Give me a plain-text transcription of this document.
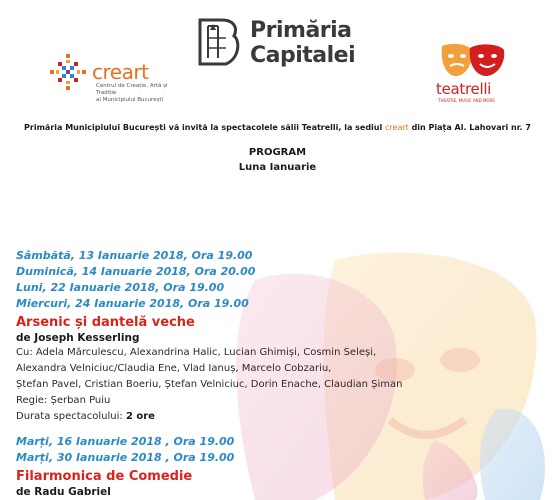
creart
Centrul de Creație, Artă și Tradiție
al Municipiului București
Primăria
Capitalei
teatrelli
THEATRE, MUSIC AND MORE
Primăria Municipiului București vă invită la spectacolele sălii Teatrelli, la sediul creart din Piața Al. Lahovari nr. 7
PROGRAM
Luna Ianuarie
Sâmbătă, 13 Ianuarie 2018, Ora 19.00
Duminică, 14 Ianuarie 2018, Ora 20.00
Luni, 22 Ianuarie 2018, Ora 19.00
Miercuri, 24 Ianuarie 2018, Ora 19.00
Arsenic și dantelă veche
de Joseph Kesserling
Cu: Adela Mărculescu, Alexandrina Halic, Lucian Ghimiși, Cosmin Seleși,
Alexandra Velniciuc/Claudia Ene, Vlad Ianuș, Marcelo Cobzariu,
Ștefan Pavel, Cristian Boeriu, Ștefan Velniciuc, Dorin Enache, Claudian Șiman
Regie: Șerban Puiu
Durata spectacolului: 2 ore
Marți, 16 Ianuarie 2018 , Ora 19.00
Marți, 30 Ianuarie 2018 , Ora 19.00
Filarmonica de Comedie
de Radu Gabriel
